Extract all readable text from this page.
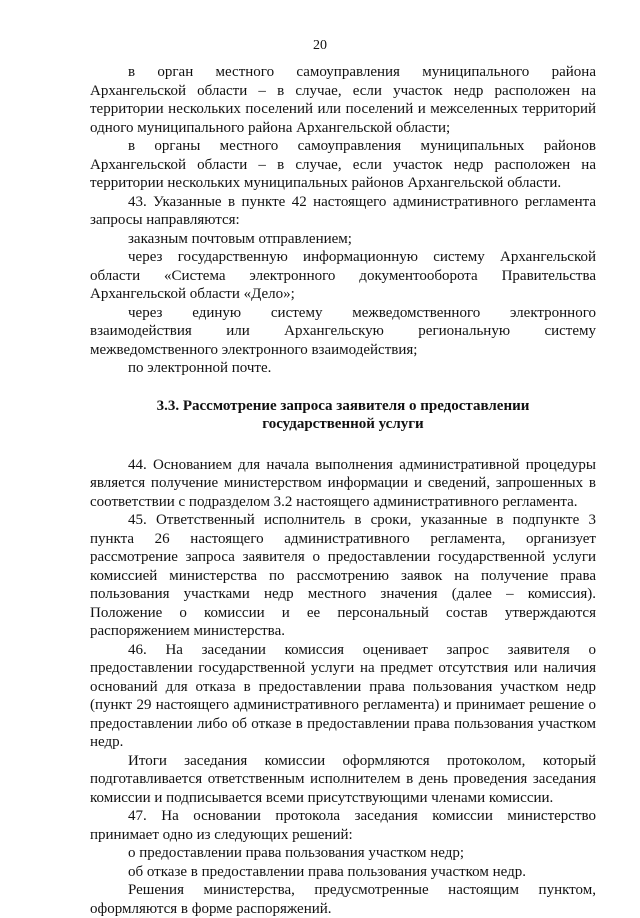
20

в орган местного самоуправления муниципального района Архангельской области – в случае, если участок недр расположен на территории нескольких поселений или поселений и межселенных территорий одного муниципального района Архангельской области;

в органы местного самоуправления муниципальных районов Архангельской области – в случае, если участок недр расположен на территории нескольких муниципальных районов Архангельской области.

43. Указанные в пункте 42 настоящего административного регламента запросы направляются:

заказным почтовым отправлением;

через государственную информационную систему Архангельской области «Система электронного документооборота Правительства Архангельской области «Дело»;

через единую систему межведомственного электронного взаимодействия или Архангельскую региональную систему межведомственного электронного взаимодействия;

по электронной почте.

3.3. Рассмотрение запроса заявителя о предоставлении
государственной услуги

44. Основанием для начала выполнения административной процедуры является получение министерством информации и сведений, запрошенных в соответствии с подразделом 3.2 настоящего административного регламента.

45. Ответственный исполнитель в сроки, указанные в подпункте 3 пункта 26 настоящего административного регламента, организует рассмотрение запроса заявителя о предоставлении государственной услуги комиссией министерства по рассмотрению заявок на получение права пользования участками недр местного значения (далее – комиссия). Положение о комиссии и ее персональный состав утверждаются распоряжением министерства.

46. На заседании комиссия оценивает запрос заявителя о предоставлении государственной услуги на предмет отсутствия или наличия оснований для отказа в предоставлении права пользования участком недр (пункт 29 настоящего административного регламента) и принимает решение о предоставлении либо об отказе в предоставлении права пользования участком недр.

Итоги заседания комиссии оформляются протоколом, который подготавливается ответственным исполнителем в день проведения заседания комиссии и подписывается всеми присутствующими членами комиссии.

47. На основании протокола заседания комиссии министерство принимает одно из следующих решений:

о предоставлении права пользования участком недр;

об отказе в предоставлении права пользования участком недр.

Решения министерства, предусмотренные настоящим пунктом, оформляются в форме распоряжений.
